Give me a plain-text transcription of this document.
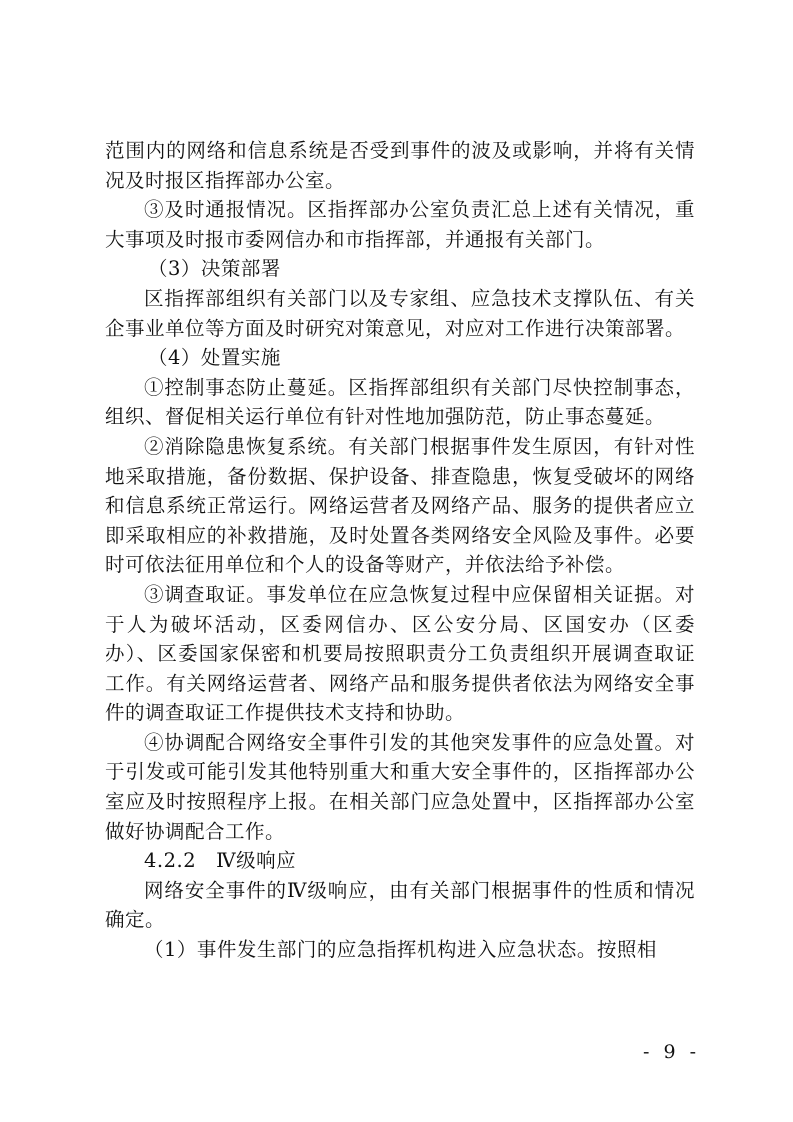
范围内的网络和信息系统是否受到事件的波及或影响，并将有关情况及时报区指挥部办公室。

③及时通报情况。区指挥部办公室负责汇总上述有关情况，重大事项及时报市委网信办和市指挥部，并通报有关部门。

（3）决策部署

区指挥部组织有关部门以及专家组、应急技术支撑队伍、有关企事业单位等方面及时研究对策意见，对应对工作进行决策部署。

（4）处置实施

①控制事态防止蔓延。区指挥部组织有关部门尽快控制事态，组织、督促相关运行单位有针对性地加强防范，防止事态蔓延。

②消除隐患恢复系统。有关部门根据事件发生原因，有针对性地采取措施，备份数据、保护设备、排查隐患，恢复受破坏的网络和信息系统正常运行。网络运营者及网络产品、服务的提供者应立即采取相应的补救措施，及时处置各类网络安全风险及事件。必要时可依法征用单位和个人的设备等财产，并依法给予补偿。

③调查取证。事发单位在应急恢复过程中应保留相关证据。对于人为破坏活动，区委网信办、区公安分局、区国安办（区委办）、区委国家保密和机要局按照职责分工负责组织开展调查取证工作。有关网络运营者、网络产品和服务提供者依法为网络安全事件的调查取证工作提供技术支持和协助。

④协调配合网络安全事件引发的其他突发事件的应急处置。对于引发或可能引发其他特别重大和重大安全事件的，区指挥部办公室应及时按照程序上报。在相关部门应急处置中，区指挥部办公室做好协调配合工作。

4.2.2　Ⅳ级响应

网络安全事件的Ⅳ级响应，由有关部门根据事件的性质和情况确定。

（1）事件发生部门的应急指挥机构进入应急状态。按照相

- 9 -
